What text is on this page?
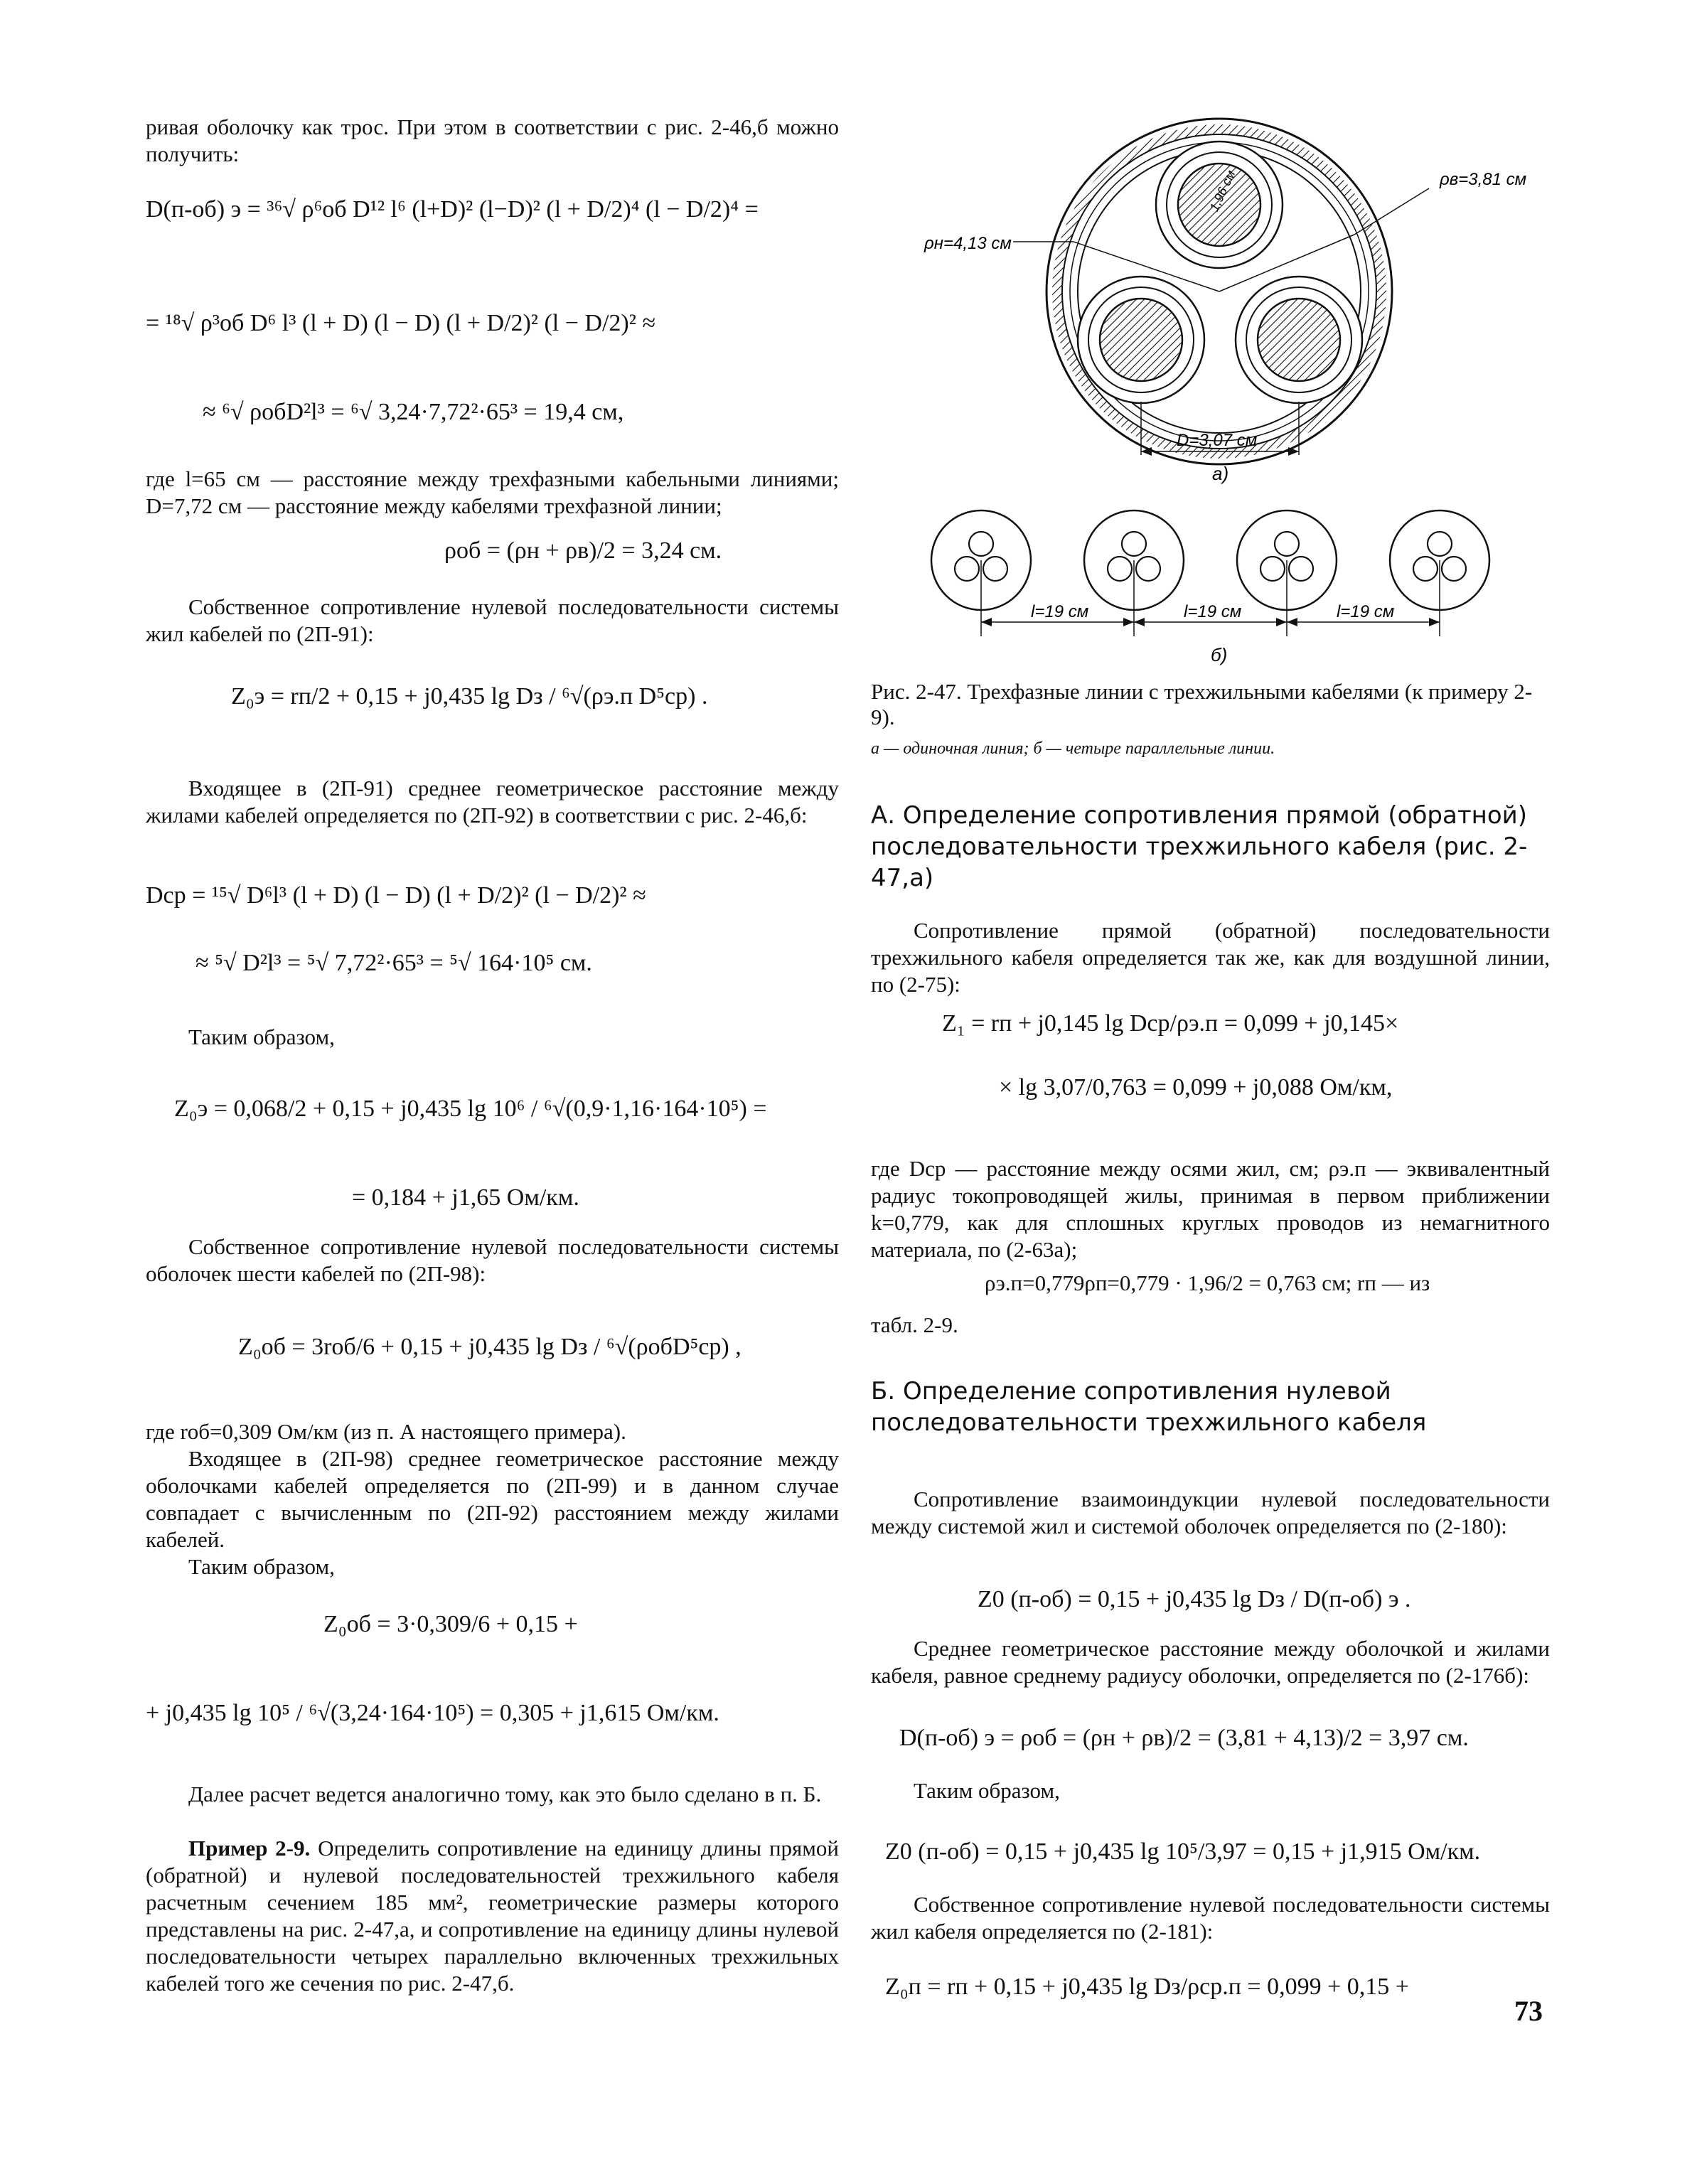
ривая оболочку как трос. При этом в соответствии с рис. 2-46,б можно получить:
D(п-об) э = ³⁶√ ρ⁶об D¹² l⁶ (l+D)² (l−D)² (l + D/2)⁴ (l − D/2)⁴ =
= ¹⁸√ ρ³об D⁶ l³ (l + D) (l − D) (l + D/2)² (l − D/2)² ≈
≈ ⁶√ ρобD²l³ = ⁶√ 3,24·7,72²·65³ = 19,4 см,
где l=65 см — расстояние между трехфазными кабельными линиями; D=7,72 см — расстояние между кабелями трехфазной линии;
ρоб = (ρн + ρв)/2 = 3,24 см.
Собственное сопротивление нулевой последовательности системы жил кабелей по (2П-91):
Z₀э = rп/2 + 0,15 + j0,435 lg Dз / ⁶√(ρэ.п D⁵ср) .
Входящее в (2П-91) среднее геометрическое расстояние между жилами кабелей определяется по (2П-92) в соответствии с рис. 2-46,б:
Dср = ¹⁵√ D⁶l³ (l + D) (l − D) (l + D/2)² (l − D/2)² ≈
≈ ⁵√ D²l³ = ⁵√ 7,72²·65³ = ⁵√ 164·10⁵ см.
Таким образом,
Z₀э = 0,068/2 + 0,15 + j0,435 lg 10⁶ / ⁶√(0,9·1,16·164·10⁵) =
= 0,184 + j1,65 Ом/км.
Собственное сопротивление нулевой последовательности системы оболочек шести кабелей по (2П-98):
Z₀об = 3rоб/6 + 0,15 + j0,435 lg Dз / ⁶√(ρобD⁵ср) ,
где rоб=0,309 Ом/км (из п. А настоящего примера).
Входящее в (2П-98) среднее геометрическое расстояние между оболочками кабелей определяется по (2П-99) и в данном случае совпадает с вычисленным по (2П-92) расстоянием между жилами кабелей.
Таким образом,
Z₀об = 3·0,309/6 + 0,15 +
+ j0,435 lg 10⁵ / ⁶√(3,24·164·10⁵) = 0,305 + j1,615 Ом/км.
Далее расчет ведется аналогично тому, как это было сделано в п. Б.
Пример 2-9. Определить сопротивление на единицу длины прямой (обратной) и нулевой последовательностей трехжильного кабеля расчетным сечением 185 мм², геометрические размеры которого представлены на рис. 2-47,а, и сопротивление на единицу длины нулевой последовательности четырех параллельно включенных трехжильных кабелей того же сечения по рис. 2-47,б.
ρв=3,81 см
ρн=4,13 см
1,96 см
D=3,07 см
а)
l=19 см	l=19 см	l=19 см
б)
Рис. 2-47. Трехфазные линии с трехжильными кабелями (к примеру 2-9).
а — одиночная линия; б — четыре параллельные линии.
А. Определение сопротивления прямой (обратной) последовательности трехжильного кабеля (рис. 2-47,а)
Сопротивление прямой (обратной) последовательности трехжильного кабеля определяется так же, как для воздушной линии, по (2-75):
Z₁ = rп + j0,145 lg Dср/ρэ.п = 0,099 + j0,145×
× lg 3,07/0,763 = 0,099 + j0,088 Ом/км,
где Dср — расстояние между осями жил, см; ρэ.п — эквивалентный радиус токопроводящей жилы, принимая в первом приближении k=0,779, как для сплошных круглых проводов из немагнитного материала, по (2-63а);
ρэ.п=0,779ρп=0,779 · 1,96/2 = 0,763 см; rп — из
табл. 2-9.
Б. Определение сопротивления нулевой последовательности трехжильного кабеля
Сопротивление взаимоиндукции нулевой последовательности между системой жил и системой оболочек определяется по (2-180):
Z0 (п-об) = 0,15 + j0,435 lg Dз / D(п-об) э .
Среднее геометрическое расстояние между оболочкой и жилами кабеля, равное среднему радиусу оболочки, определяется по (2-176б):
D(п-об) э = ρоб = (ρн + ρв)/2 = (3,81 + 4,13)/2 = 3,97 см.
Таким образом,
Z0 (п-об) = 0,15 + j0,435 lg 10⁵/3,97 = 0,15 + j1,915 Ом/км.
Собственное сопротивление нулевой последовательности системы жил кабеля определяется по (2-181):
Z₀п = rп + 0,15 + j0,435 lg Dз/ρср.п = 0,099 + 0,15 +
73
